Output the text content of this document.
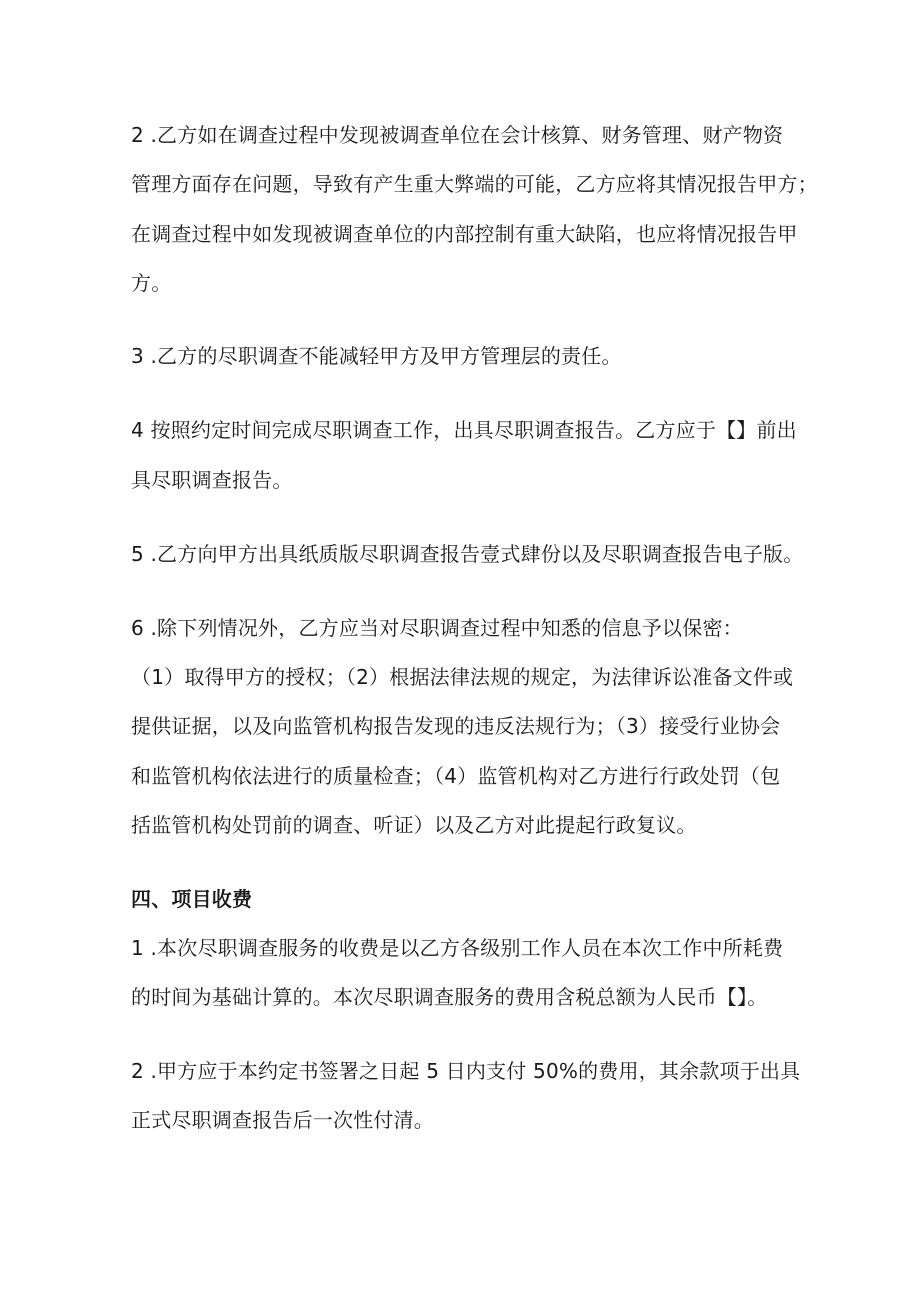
2 .乙方如在调查过程中发现被调查单位在会计核算、财务管理、财产物资
管理方面存在问题，导致有产生重大弊端的可能，乙方应将其情况报告甲方；
在调查过程中如发现被调查单位的内部控制有重大缺陷，也应将情况报告甲
方。
3 .乙方的尽职调查不能减轻甲方及甲方管理层的责任。
4 按照约定时间完成尽职调查工作，出具尽职调查报告。乙方应于【】前出
具尽职调查报告。
5 .乙方向甲方出具纸质版尽职调查报告壹式肆份以及尽职调查报告电子版。
6 .除下列情况外，乙方应当对尽职调查过程中知悉的信息予以保密：
（1）取得甲方的授权；（2）根据法律法规的规定，为法律诉讼准备文件或
提供证据，以及向监管机构报告发现的违反法规行为；（3）接受行业协会
和监管机构依法进行的质量检查；（4）监管机构对乙方进行行政处罚（包
括监管机构处罚前的调查、听证）以及乙方对此提起行政复议。
四、项目收费
1 .本次尽职调查服务的收费是以乙方各级别工作人员在本次工作中所耗费
的时间为基础计算的。本次尽职调查服务的费用含税总额为人民币【】。
2 .甲方应于本约定书签署之日起 5 日内支付 50%的费用，其余款项于出具
正式尽职调查报告后一次性付清。
